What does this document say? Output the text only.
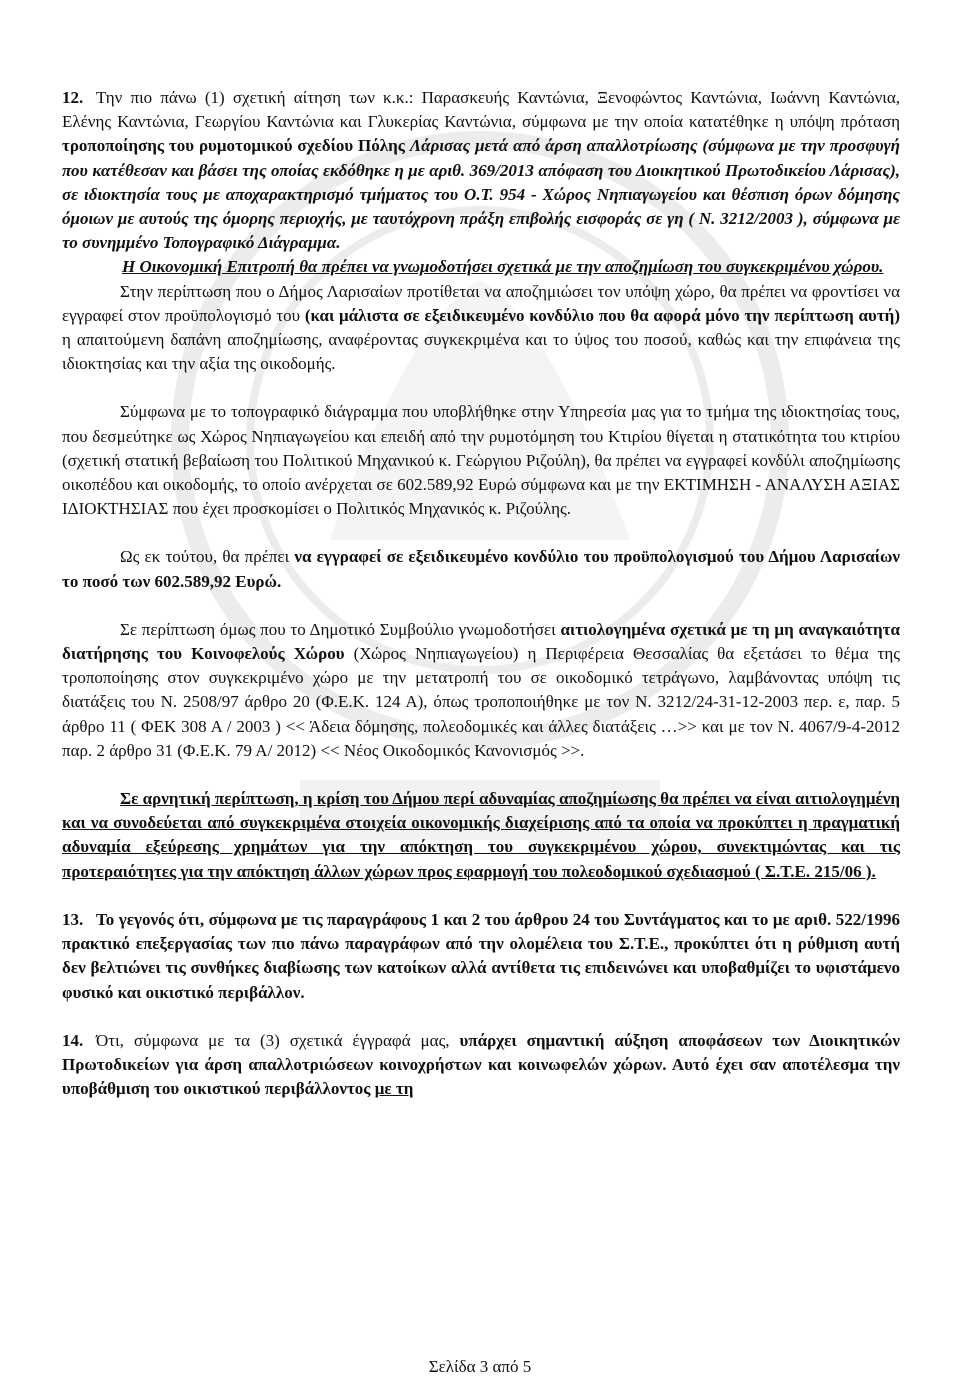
12. Την πιο πάνω (1) σχετική αίτηση των κ.κ.: Παρασκευής Καντώνια, Ξενοφώντος Καντώνια, Ιωάννη Καντώνια, Ελένης Καντώνια, Γεωργίου Καντώνια και Γλυκερίας Καντώνια, σύμφωνα με την οποία κατατέθηκε η υπόψη πρόταση τροποποίησης του ρυμοτομικού σχεδίου Πόλης Λάρισας μετά από άρση απαλλοτρίωσης (σύμφωνα με την προσφυγή που κατέθεσαν και βάσει της οποίας εκδόθηκε η με αριθ. 369/2013 απόφαση του Διοικητικού Πρωτοδικείου Λάρισας), σε ιδιοκτησία τους με αποχαρακτηρισμό τμήματος του Ο.Τ. 954 - Χώρος Νηπιαγωγείου και θέσπιση όρων δόμησης όμοιων με αυτούς της όμορης περιοχής, με ταυτόχρονη πράξη επιβολής εισφοράς σε γη ( Ν. 3212/2003 ), σύμφωνα με το συνημμένο Τοπογραφικό Διάγραμμα.

Η Οικονομική Επιτροπή θα πρέπει να γνωμοδοτήσει σχετικά με την αποζημίωση του συγκεκριμένου χώρου.

Στην περίπτωση που ο Δήμος Λαρισαίων προτίθεται να αποζημιώσει τον υπόψη χώρο, θα πρέπει να φροντίσει να εγγραφεί στον προϋπολογισμό του (και μάλιστα σε εξειδικευμένο κονδύλιο που θα αφορά μόνο την περίπτωση αυτή) η απαιτούμενη δαπάνη αποζημίωσης, αναφέροντας συγκεκριμένα και το ύψος του ποσού, καθώς και την επιφάνεια της ιδιοκτησίας και την αξία της οικοδομής.

Σύμφωνα με το τοπογραφικό διάγραμμα που υποβλήθηκε στην Υπηρεσία μας για το τμήμα της ιδιοκτησίας τους, που δεσμεύτηκε ως Χώρος Νηπιαγωγείου και επειδή από την ρυμοτόμηση του Κτιρίου θίγεται η στατικότητα του κτιρίου (σχετική στατική βεβαίωση του Πολιτικού Μηχανικού κ. Γεώργιου Ριζούλη), θα πρέπει να εγγραφεί κονδύλι αποζημίωσης οικοπέδου και οικοδομής, το οποίο ανέρχεται σε 602.589,92 Ευρώ σύμφωνα και με την ΕΚΤΙΜΗΣΗ - ΑΝΑΛΥΣΗ ΑΞΙΑΣ ΙΔΙΟΚΤΗΣΙΑΣ που έχει προσκομίσει ο Πολιτικός Μηχανικός κ. Ριζούλης.

Ως εκ τούτου, θα πρέπει να εγγραφεί σε εξειδικευμένο κονδύλιο του προϋπολογισμού του Δήμου Λαρισαίων το ποσό των 602.589,92 Ευρώ.

Σε περίπτωση όμως που το Δημοτικό Συμβούλιο γνωμοδοτήσει αιτιολογημένα σχετικά με τη μη αναγκαιότητα διατήρησης του Κοινοφελούς Χώρου (Χώρος Νηπιαγωγείου) η Περιφέρεια Θεσσαλίας θα εξετάσει το θέμα της τροποποίησης στον συγκεκριμένο χώρο με την μετατροπή του σε οικοδομικό τετράγωνο, λαμβάνοντας υπόψη τις διατάξεις του Ν. 2508/97 άρθρο 20 (Φ.Ε.Κ. 124 Α), όπως τροποποιήθηκε με τον Ν. 3212/24-31-12-2003 περ. ε, παρ. 5 άρθρο 11 ( ΦΕΚ 308 Α / 2003 ) << Άδεια δόμησης, πολεοδομικές και άλλες διατάξεις …>> και με τον Ν. 4067/9-4-2012 παρ. 2 άρθρο 31 (Φ.Ε.Κ. 79 Α/ 2012) << Νέος Οικοδομικός Κανονισμός >>.

Σε αρνητική περίπτωση, η κρίση του Δήμου περί αδυναμίας αποζημίωσης θα πρέπει να είναι αιτιολογημένη και να συνοδεύεται από συγκεκριμένα στοιχεία οικονομικής διαχείρισης από τα οποία να προκύπτει η πραγματική αδυναμία εξεύρεσης χρημάτων για την απόκτηση του συγκεκριμένου χώρου, συνεκτιμώντας και τις προτεραιότητες για την απόκτηση άλλων χώρων προς εφαρμογή του πολεοδομικού σχεδιασμού ( Σ.Τ.Ε. 215/06 ).

13. Το γεγονός ότι, σύμφωνα με τις παραγράφους 1 και 2 του άρθρου 24 του Συντάγματος και το με αριθ. 522/1996 πρακτικό επεξεργασίας των πιο πάνω παραγράφων από την ολομέλεια του Σ.Τ.Ε., προκύπτει ότι η ρύθμιση αυτή δεν βελτιώνει τις συνθήκες διαβίωσης των κατοίκων αλλά αντίθετα τις επιδεινώνει και υποβαθμίζει το υφιστάμενο φυσικό και οικιστικό περιβάλλον.

14. Ότι, σύμφωνα με τα (3) σχετικά έγγραφά μας, υπάρχει σημαντική αύξηση αποφάσεων των Διοικητικών Πρωτοδικείων για άρση απαλλοτριώσεων κοινοχρήστων και κοινωφελών χώρων. Αυτό έχει σαν αποτέλεσμα την υποβάθμιση του οικιστικού περιβάλλοντος με τη

Σελίδα 3 από 5
